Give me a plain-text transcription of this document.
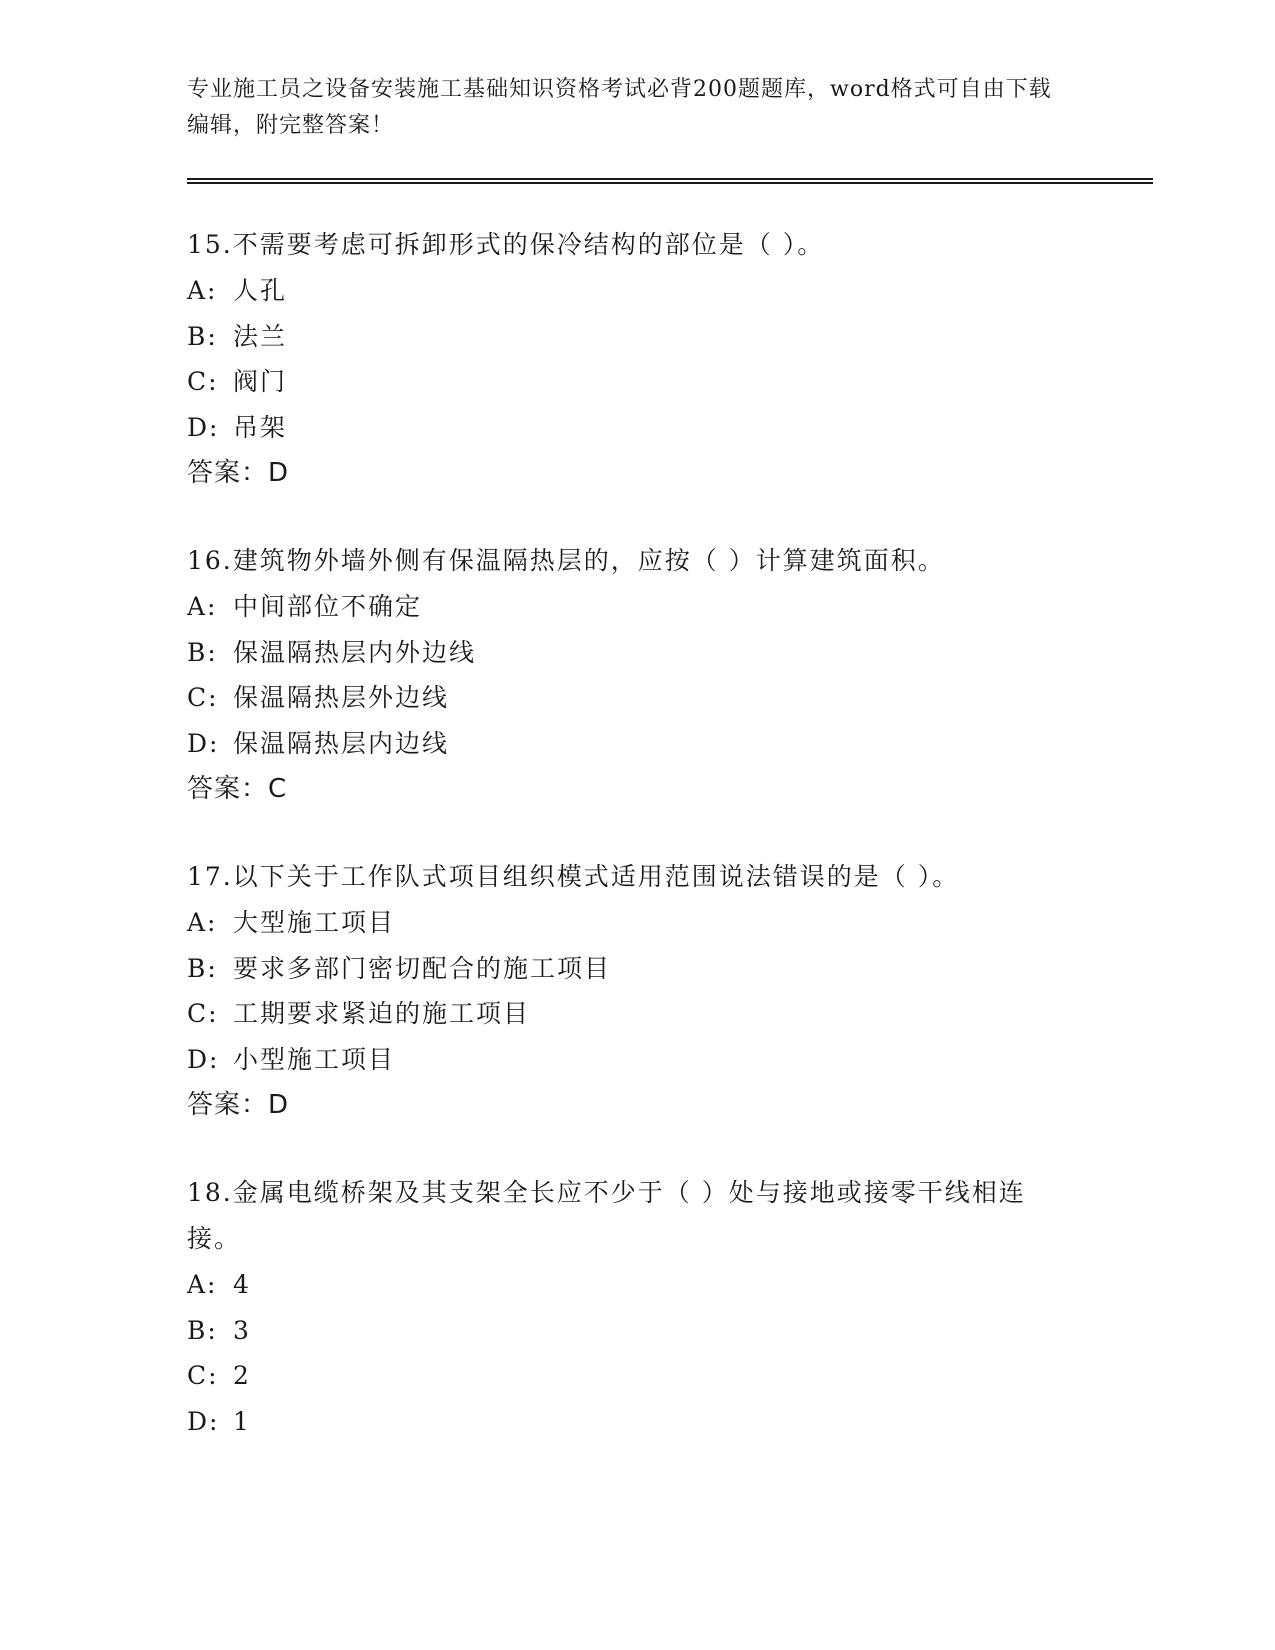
专业施工员之设备安装施工基础知识资格考试必背200题题库，word格式可自由下载编辑，附完整答案！

15.不需要考虑可拆卸形式的保冷结构的部位是（ ）。

A: 人孔

B: 法兰

C: 阀门

D: 吊架

答案：D

16.建筑物外墙外侧有保温隔热层的，应按（ ）计算建筑面积。

A: 中间部位不确定

B: 保温隔热层内外边线

C: 保温隔热层外边线

D: 保温隔热层内边线

答案：C

17.以下关于工作队式项目组织模式适用范围说法错误的是（ ）。

A: 大型施工项目

B: 要求多部门密切配合的施工项目

C: 工期要求紧迫的施工项目

D: 小型施工项目

答案：D

18.金属电缆桥架及其支架全长应不少于（ ）处与接地或接零干线相连接。

A: 4

B: 3

C: 2

D: 1
